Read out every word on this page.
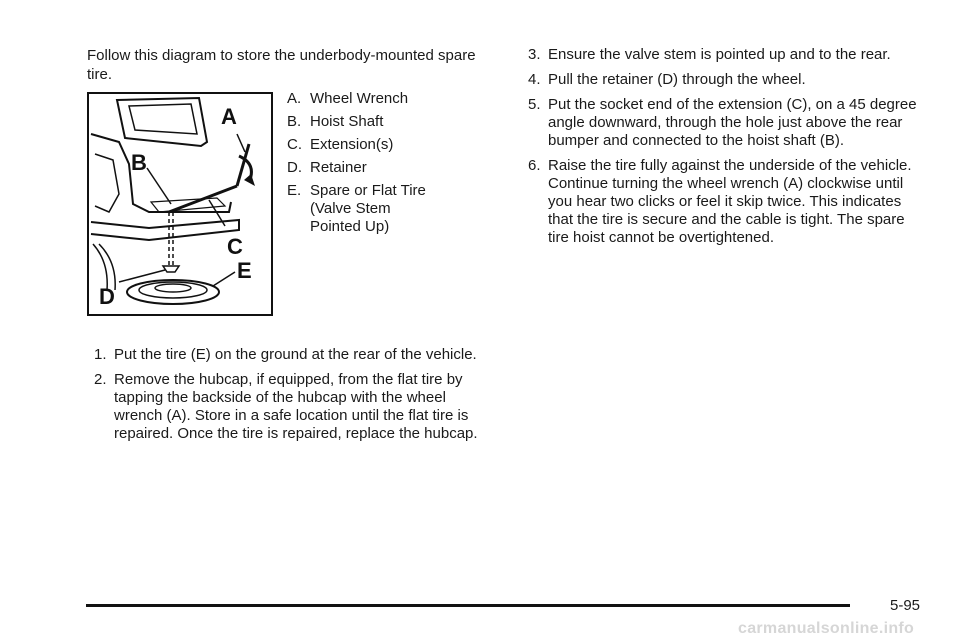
Follow this diagram to store the underbody-mounted spare tire.

A
B
C
D
E
A. Wheel Wrench
B. Hoist Shaft
C. Extension(s)
D. Retainer
E. Spare or Flat Tire
(Valve Stem
Pointed Up)
1. Put the tire (E) on the ground at the rear of the vehicle.
2. Remove the hubcap, if equipped, from the flat tire by tapping the backside of the hubcap with the wheel wrench (A). Store in a safe location until the flat tire is repaired. Once the tire is repaired, replace the hubcap.
3. Ensure the valve stem is pointed up and to the rear.
4. Pull the retainer (D) through the wheel.
5. Put the socket end of the extension (C), on a 45 degree angle downward, through the hole just above the rear bumper and connected to the hoist shaft (B).
6. Raise the tire fully against the underside of the vehicle. Continue turning the wheel wrench (A) clockwise until you hear two clicks or feel it skip twice. This indicates that the tire is secure and the cable is tight. The spare tire hoist cannot be overtightened.
5-95
carmanualsonline.info
